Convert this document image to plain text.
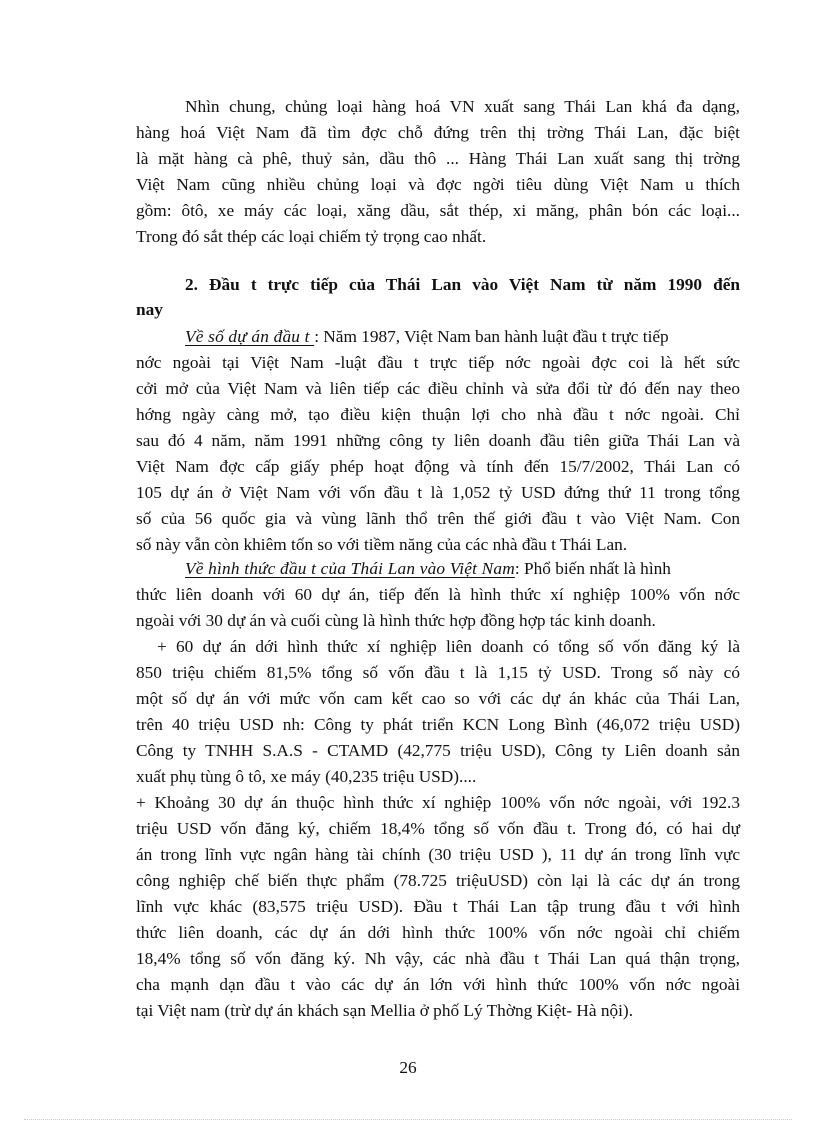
Nhìn chung, chủng loại hàng hoá VN xuất sang Thái Lan khá đa dạng,
hàng hoá Việt Nam đã tìm đợc chỗ đứng trên thị trờng Thái Lan, đặc biệt
là mặt hàng cà phê, thuỷ sản, dầu thô ... Hàng Thái Lan xuất sang thị trờng
Việt Nam cũng nhiều chủng loại và đợc ngời tiêu dùng Việt Nam u thích
gồm: ôtô, xe máy các loại, xăng dầu, sắt thép, xi măng, phân bón các loại...
Trong đó sắt thép các loại chiếm tỷ trọng cao nhất.
2. Đầu t trực tiếp của Thái Lan vào Việt Nam từ năm 1990 đến
nay
Về số dự án đầu t : Năm 1987, Việt Nam ban hành luật đầu t trực tiếp
nớc ngoài tại Việt Nam -luật đầu t trực tiếp nớc ngoài đợc coi là hết sức
cởi mở của Việt Nam và liên tiếp các điều chỉnh và sửa đổi từ đó đến nay theo
hớng ngày càng mở, tạo điều kiện thuận lợi cho nhà đầu t nớc ngoài. Chỉ
sau đó 4 năm, năm 1991 những công ty liên doanh đầu tiên giữa Thái Lan và
Việt Nam đợc cấp giấy phép hoạt động và tính đến 15/7/2002, Thái Lan có
105 dự án ở Việt Nam với vốn đầu t là 1,052 tỷ USD đứng thứ 11 trong tổng
số của 56 quốc gia và vùng lãnh thổ trên thế giới đầu t vào Việt Nam. Con
số này vẫn còn khiêm tốn so với tiềm năng của các nhà đầu t Thái Lan.
Về hình thức đầu t của Thái Lan vào Việt Nam: Phổ biến nhất là hình
thức liên doanh với 60 dự án, tiếp đến là hình thức xí nghiệp 100% vốn nớc
ngoài với 30 dự án và cuối cùng là hình thức hợp đồng hợp tác kinh doanh.
+ 60 dự án dới hình thức xí nghiệp liên doanh có tổng số vốn đăng ký là
850 triệu chiếm 81,5% tổng số vốn đầu t là 1,15 tỷ USD. Trong số này có
một số dự án với mức vốn cam kết cao so với các dự án khác của Thái Lan,
trên 40 triệu USD nh: Công ty phát triển KCN Long Bình (46,072 triệu USD)
Công ty TNHH S.A.S - CTAMD (42,775 triệu USD), Công ty Liên doanh sản
xuất phụ tùng ô tô, xe máy (40,235 triệu USD)....
+ Khoảng 30 dự án thuộc hình thức xí nghiệp 100% vốn nớc ngoài, với 192.3
triệu USD vốn đăng ký, chiếm 18,4% tổng số vốn đầu t. Trong đó, có hai dự
án trong lĩnh vực ngân hàng tài chính (30 triệu USD ), 11 dự án trong lĩnh vực
công nghiệp chế biến thực phẩm (78.725 triệuUSD) còn lại là các dự án trong
lĩnh vực khác (83,575 triệu USD). Đầu t Thái Lan tập trung đầu t với hình
thức liên doanh, các dự án dới hình thức 100% vốn nớc ngoài chỉ chiếm
18,4% tổng số vốn đăng ký. Nh vậy, các nhà đầu t Thái Lan quá thận trọng,
cha mạnh dạn đầu t vào các dự án lớn với hình thức 100% vốn nớc ngoài
tại Việt nam (trừ dự án khách sạn Mellia ở phố Lý Thờng Kiệt- Hà nội).
26
